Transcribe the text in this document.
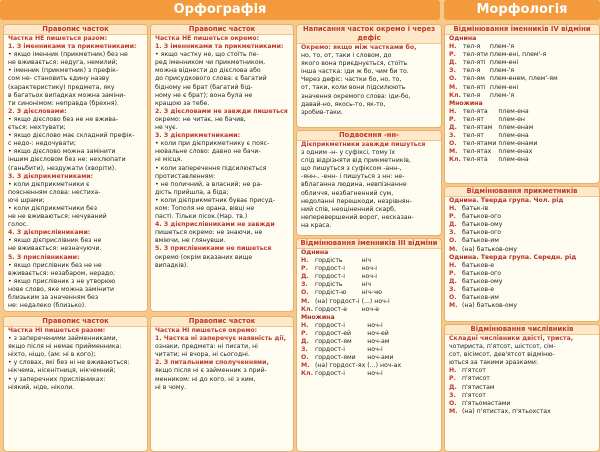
Орфографія	Морфологія
Правопис часток

Частка НЕ пишеться разом:

1. З іменниками та прикметниками:

• якщо іменник (прикметник) без не

не вживається: недуга, немилий;

• іменник (прикметник) з префік-

сом не- становить єдину назву

(характеристику) предмета, яку

в багатьох випадках можна заміни-

ти синонімом: неправда (брехня).

2. З дієсловами:

• якщо дієслово без не не вжива-

ється: нехтувати;

• якщо дієслово має складний префік-

с недо-: недочувати;

• якщо дієслово можна замінити

іншим дієсловом без не: нехлюпати

(ганьбити), нездужати (хворіти).

3. З дієприкметниками:

• коли дієприкметники є

поясненням слова: нестиха-

ючі шрами;

• коли дієприкметники без

не не вживаються: нечуваний

голос.

4. З дієприслівниками:

• якщо дієприслівник без не

не вживається: незначуючи.

5. З прислівниками:

• якщо прислівник без не не

вживається: незабаром, нерадо;

• якщо прислівник з не утворюю

нове слово, яке можна замінити

близьким за значенням без

не: недалеко (близько).

Правопис часток

Частка НІ пишеться разом:

• з запереченими займенниками,

якщо після ні немає прийменника:

ніхто, ніщо, (ам: ні в кого);

• у словах, які без ні не вживаються:

нікчема, нісенітниця, нікчемний;

• у заперечних прислівниках:

ніякий, ніде, ніколи.

Правопис часток

Частка НЕ пишеться окремо:

1. З іменниками та прикметниками:

• якщо частку не, що стоїть пе-

ред іменником чи прикметником,

можна віднести до дієслова або

до присудкового слова: є багатий

бідному не брат (багатий бід-

ному не є брат); вона була не

кращою за тебе.

2. З дієсловами не завжди пишеться

окремо: не читає, не бачив,

не чує.

3. З дієприкметниками:

• коли при дієприкметнику є пояс-

нювальне слово: давно не бачи-

ні місця.

• коли заперечення підсилюється

протиставленням:

• не поличний, а власний; не ра-

дість прийшла, а біда;

• коли дієприкметник буває присуд-

ком: Тополя не орана, вівці не

пасті. Тільки пісок.(Нар. тв.)

4. З дієприслівниками не завжди

пишеться окремо: не знаючи, не

вміючи, не глянувши.

5. З прислівниками не пишеться

окремо (окрім вказаних вище

випадків).

Правопис часток

Частка НІ пишеться окремо:

1. Частка ні заперечує наявність дії,

ознаки, предмета: ні писати, ні

читати; ні вчора, ні сьогодні.

2. З питальними сполученнями,

якщо після ні є займенник з прий-

менником: ні до кого, ні з ким,

ні в чому.

Написання часток окремо і через дефіс

Окремо: якщо між частками бо,

но, то, от, таки і словом, до

якого вона приєднується, стоїть

інша частка: іди ж бо, чим би то.

Через дефіс: частки бо, но, то,

от, таки, коли вони підсилюють

значення окремого слова: іди-бо,

давай-но, якось-то, як-то,

зробив-таки.

Подвоєння -нн-

Дієприкметники завжди пишуться

з одним -н- у суфіксі, тому їх

слід відрізняти від прикметників,

що пишуться з суфіксом -анн-,

-янн-, -енн- і пишуться з нн: не-

вблаганна людина, невпізнанне

обличчя, незбагненний сум,

недоланні перешкоди, незрівнян-

ний спів, неоціненний скарб,

неперевершений ворог, несказан-

на краса.

Відмінювання іменників III відміни
Однина
Н.	гордість	ніч
Р.	гордост-і	ноч-і
Д.	гордост-і	ноч-і
З.	гордість	ніч
О.	гордіст-ю	ніч-чю
М.	(на) гордост-і	(...) ноч-і
Кл.	гордост-е	ноч-е
Множина
Н.	гордост-і	ноч-і
Р.	гордост-ей	ноч-ей
Д.	гордост-ям	ноч-ам
З.	гордост-і	ноч-і
О.	гордост-ями	ноч-ами
М.	(на) гордост-ях	(...) ноч-ах
Кл.	гордост-і	ноч-і
Відмінювання іменників IV відміни
Однина
Н.	тел-я	плем-'я
Р.	тел-яти	плем-ені, плем'-я
Д.	тел-яті	плем-ені
З.	тел-я	плем-'я
О.	тел-ям	плем-енем, плем'-ям
М.	тел-яті	плем-ені
Кл.	тел-я	плем-'я
Множина
Н.	тел-ята	плем-ена
Р.	тел-ят	плем-ен
Д.	тел-ятам	плем-енам
З.	тел-ят	плем-ена
О.	тел-ятами	плем-енами
М.	тел-ятах	плем-енах
Кл.	тел-ята	плем-ена
Відмінювання прикметників
Однина. Тверда група. Чол. рід
Н.	батьк-ів
Р.	батьков-ого
Д.	батьков-ому
З.	батьков-ого
О.	батьков-им
М.	(на) батьков-ому
Однина. Тверда група. Середн. рід
Н.	батьков-е
Р.	батьков-ого
Д.	батьков-ому
З.	батьков-е
О.	батьков-им
М.	(на) батьков-ому
Відмінювання числівників

Складні числівники двісті, триста,

чотириста, п'ятсот, шістсот, сім-

сот, вісімсот, дев'ятсот відміню-

ються за такими зразками:

Н.	п'ятсот
Р.	п'ятисот
Д.	п'ятистам
З.	п'ятсот
О.	п'ятьомастами
М.	(на) п'ятистах, п'ятьохстах
